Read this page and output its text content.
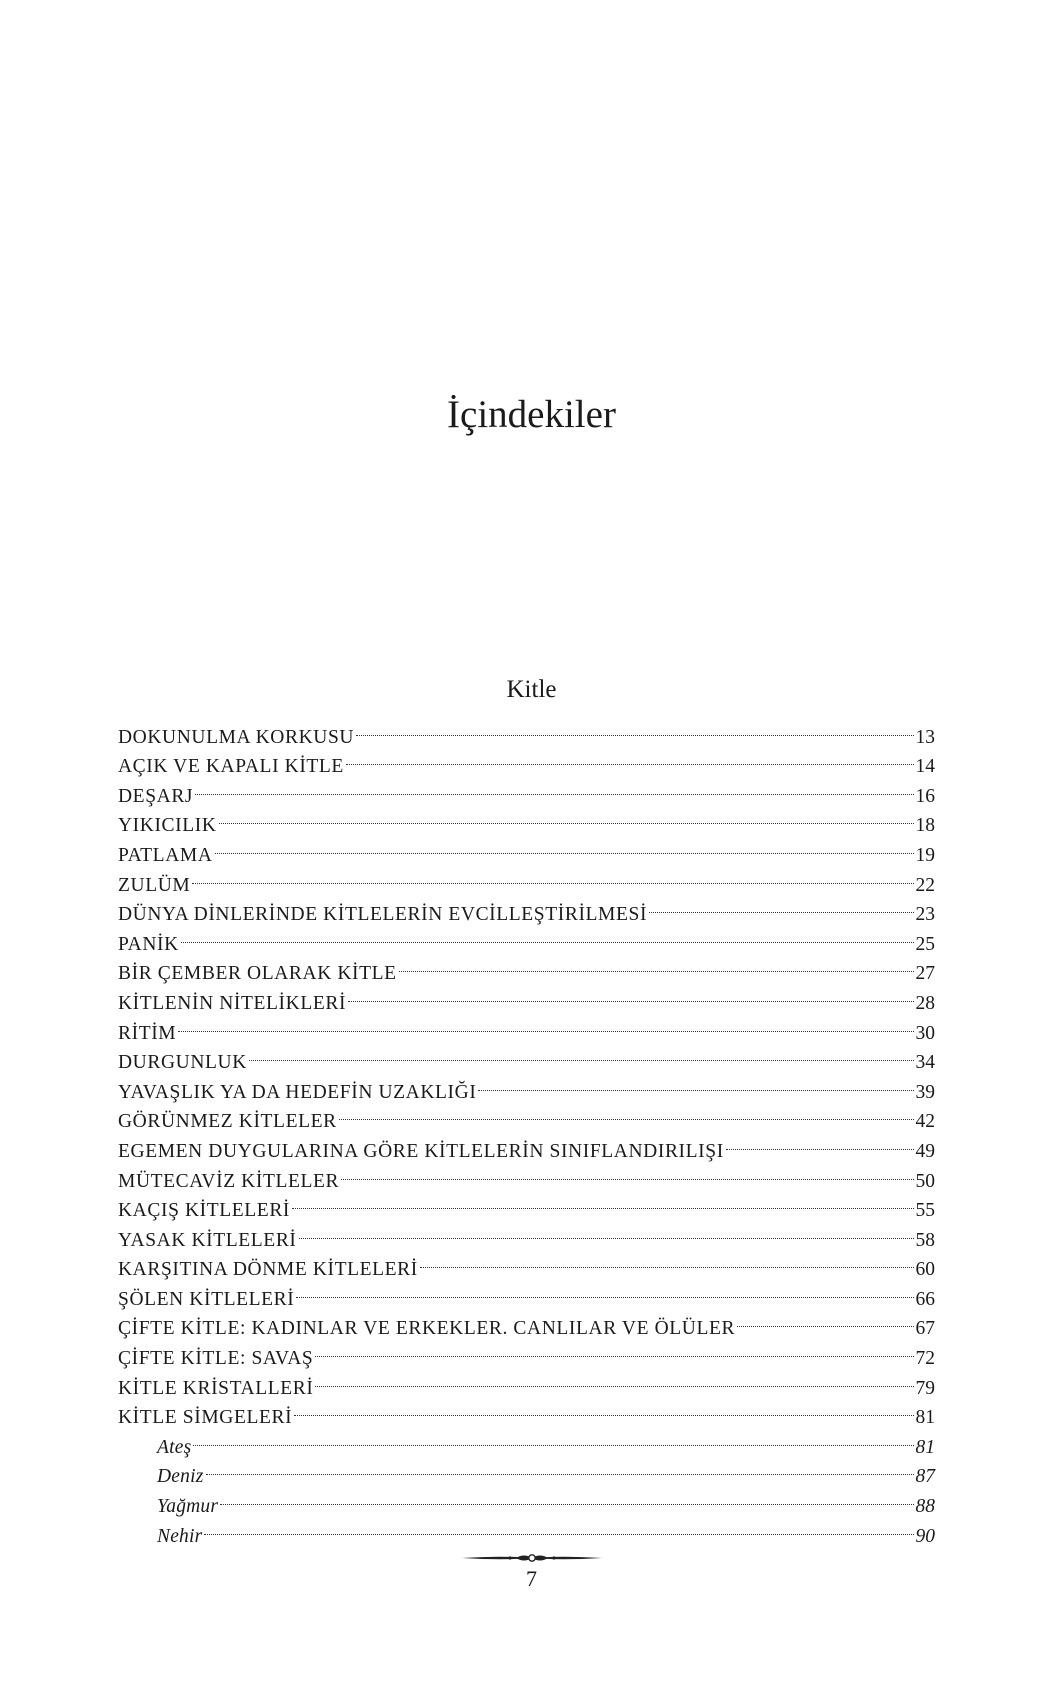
İçindekiler
Kitle
DOKUNULMA KORKUSU	13
AÇIK VE KAPALI KİTLE	14
DEŞARJ	16
YIKICILIK	18
PATLAMA	19
ZULÜM	22
DÜNYA DİNLERİNDE KİTLELERİN EVCİLLEŞTİRİLMESİ	23
PANİK	25
BİR ÇEMBER OLARAK KİTLE	27
KİTLENİN NİTELİKLERİ	28
RİTİM	30
DURGUNLUK	34
YAVAŞLIK YA DA HEDEFİN UZAKLIĞI	39
GÖRÜNMEZ KİTLELER	42
EGEMEN DUYGULARINA GÖRE KİTLELERİN SINIFLANDIRILIŞI	49
MÜTECAVİZ KİTLELER	50
KAÇIŞ KİTLELERİ	55
YASAK KİTLELERİ	58
KARŞITINA DÖNME KİTLELERİ	60
ŞÖLEN KİTLELERİ	66
ÇİFTE KİTLE: KADINLAR VE ERKEKLER. CANLILAR VE ÖLÜLER	67
ÇİFTE KİTLE: SAVAŞ	72
KİTLE KRİSTALLERİ	79
KİTLE SİMGELERİ	81
Ateş	81
Deniz	87
Yağmur	88
Nehir	90
7
